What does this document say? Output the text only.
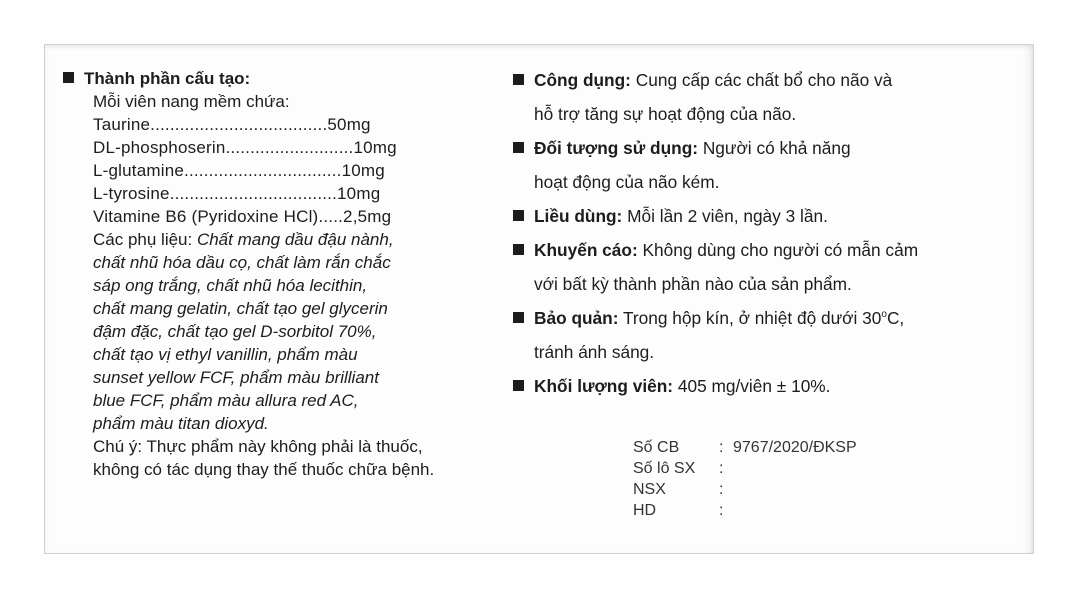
Thành phần cấu tạo:
Mỗi viên nang mềm chứa:
Taurine....................................50mg
DL-phosphoserin..........................10mg
L-glutamine................................10mg
L-tyrosine..................................10mg
Vitamine B6 (Pyridoxine HCl).....2,5mg
Các phụ liệu: Chất mang dầu đậu nành,
chất nhũ hóa dầu cọ, chất làm rắn chắc
sáp ong trắng, chất nhũ hóa lecithin,
chất mang gelatin, chất tạo gel glycerin
đậm đặc, chất tạo gel D-sorbitol 70%,
chất tạo vị ethyl vanillin, phẩm màu
sunset yellow FCF, phẩm màu brilliant
blue FCF, phẩm màu allura red AC,
phẩm màu titan dioxyd.
Chú ý: Thực phẩm này không phải là thuốc,
không có tác dụng thay thế thuốc chữa bệnh.
Công dụng: Cung cấp các chất bổ cho não và
hỗ trợ tăng sự hoạt động của não.
Đối tượng sử dụng: Người có khả năng
hoạt động của não kém.
Liều dùng: Mỗi lần 2 viên, ngày 3 lần.
Khuyến cáo: Không dùng cho người có mẫn cảm
với bất kỳ thành phần nào của sản phẩm.
Bảo quản: Trong hộp kín, ở nhiệt độ dưới 30$^o$C,
tránh ánh sáng.
Khối lượng viên: 405 mg/viên ± 10%.
Số CB : 9767/2020/ĐKSP
Số lô SX :
NSX	:
HD	:
